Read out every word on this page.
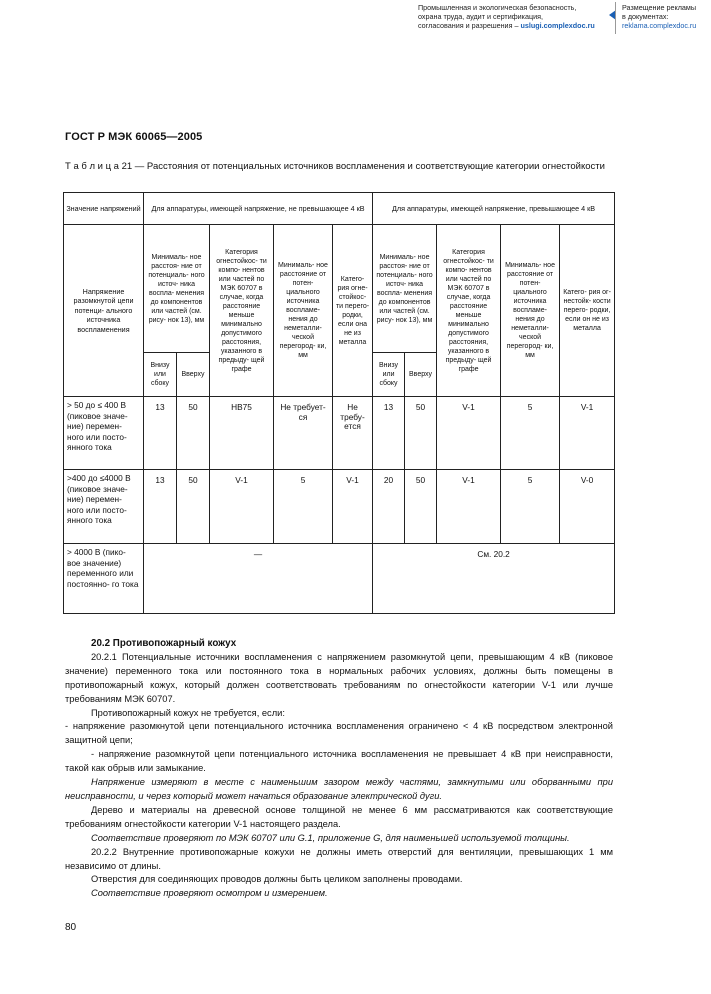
Промышленная и экологическая безопасность,
охрана труда, аудит и сертификация,
согласования и разрешения – uslugi.complexdoc.ru
Размещение рекламы
в документах:
reklama.complexdoc.ru
ГОСТ Р МЭК 60065—2005
Т а б л и ц а 21 — Расстояния от потенциальных источников воспламенения и соответствующие категории огнестойкости
Значение напряжений	Для аппаратуры, имеющей напряжение, не превышающее 4 кВ					Для аппаратуры, имеющей напряжение, превышающее 4 кВ				
Напряжение разомкнутой цепи потенци- ального источника воспламенения	Минималь- ное расстоя- ние от потенциаль- ного источ- ника воспла- менения до компонентов или частей (см. рису- нок 13), мм		Категория огнестойкос- ти компо- нентов или частей по МЭК 60707 в случае, когда расстояние меньше минимально допустимого расстояния, указанного в предыду- щей графе	Минималь- ное расстояние от потен- циального источника воспламе- нения до неметалли- ческой перегород- ки, мм	Катего- рия огне- стойкос- ти перего- родки, если она не из металла	Минималь- ное расстоя- ние от потенциаль- ного источ- ника воспла- менения до компонентов или частей (см. рису- нок 13), мм		Категория огнестойкос- ти компо- нентов или частей по МЭК 60707 в случае, когда расстояние меньше минимально допустимого расстояния, указанного в предыду- щей графе	Минималь- ное расстояние от потен- циального источника воспламе- нения до неметалли- ческой перегород- ки, мм	Катего- рия ог- нестойк- кости перего- родки, если он не из металла
	Внизу или сбоку	Вверху				Внизу или сбоку	Вверху			
> 50 до ≤ 400 В (пиковое значе- ние) перемен- ного или посто- янного тока	13	50	HB75	Не требует- ся	Не требу- ется	13	50	V-1	5	V-1
>400 до ≤4000 В (пиковое значе- ние) перемен- ного или посто- янного тока	13	50	V-1	5	V-1	20	50	V-1	5	V-0
> 4000 В (пико- вое значение) переменного или постоянно- го тока	—					См. 20.2				

20.2 Противопожарный кожух

20.2.1 Потенциальные источники воспламенения с напряжением разомкнутой цепи, превышающим 4 кВ (пиковое значение) переменного тока или постоянного тока в нормальных рабочих условиях, должны быть помещены в противопожарный кожух, который должен соответствовать требованиям по огнестойкости категории V-1 или лучше требованиям МЭК 60707.

Противопожарный кожух не требуется, если:

- напряжение разомкнутой цепи потенциального источника воспламенения ограничено < 4 кВ посредством электронной защитной цепи;

- напряжение разомкнутой цепи потенциального источника воспламенения не превышает 4 кВ при неисправности, такой как обрыв или замыкание.

Напряжение измеряют в месте с наименьшим зазором между частями, замкнутыми или оборванными при неисправности, и через который может начаться образование электрической дуги.

Дерево и материалы на древесной основе толщиной не менее 6 мм рассматриваются как соответствующие требованиям огнестойкости категории V-1 настоящего раздела.

Соответствие проверяют по МЭК 60707 или G.1, приложение G, для наименьшей используемой толщины.

20.2.2 Внутренние противопожарные кожухи не должны иметь отверстий для вентиляции, превышающих 1 мм независимо от длины.

Отверстия для соединяющих проводов должны быть целиком заполнены проводами.

Соответствие проверяют осмотром и измерением.

80
